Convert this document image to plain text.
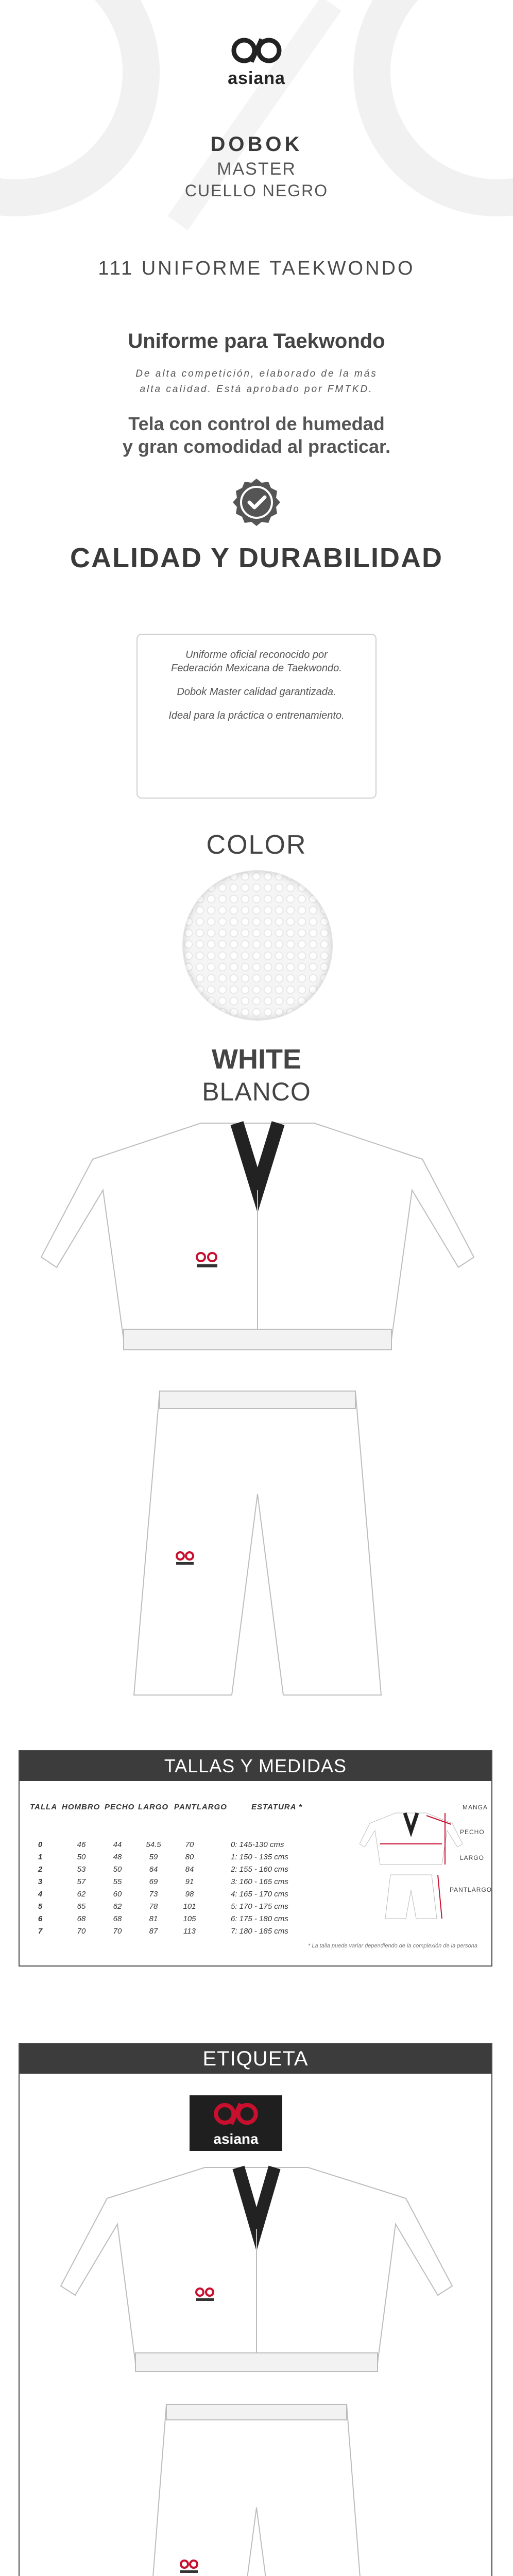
asiana
DOBOK
MASTER
CUELLO NEGRO
111 UNIFORME TAEKWONDO
Uniforme para Taekwondo
De alta competición, elaborado de la más
alta calidad. Está aprobado por FMTKD.
Tela con control de humedad
y gran comodidad al practicar.
CALIDAD Y DURABILIDAD

Uniforme oficial reconocido por Federación Mexicana de Taekwondo.

Dobok Master calidad garantizada.

Ideal para la práctica o entrenamiento.

COLOR
WHITE
BLANCO
TALLAS Y MEDIDAS
TALLA HOMBRO PECHO LARGO PANTLARGO	ESTATURA *
0
1
2
3
4
5
6
7
46
50
53
57
62
65
68
70
44
48
50
55
60
62
68
70
54.5
59
64
69
73
78
81
87
70
80
84
91
98
101
105
113
0: 145-130 cms
1: 150 - 135 cms
2: 155 - 160 cms
3: 160 - 165 cms
4: 165 - 170 cms
5: 170 - 175 cms
6: 175 - 180 cms
7: 180 - 185 cms
MANGA
PECHO
LARGO
PANTLARGO
* La talla puede variar dependiendo de la complexión de la persona
ETIQUETA
asiana
